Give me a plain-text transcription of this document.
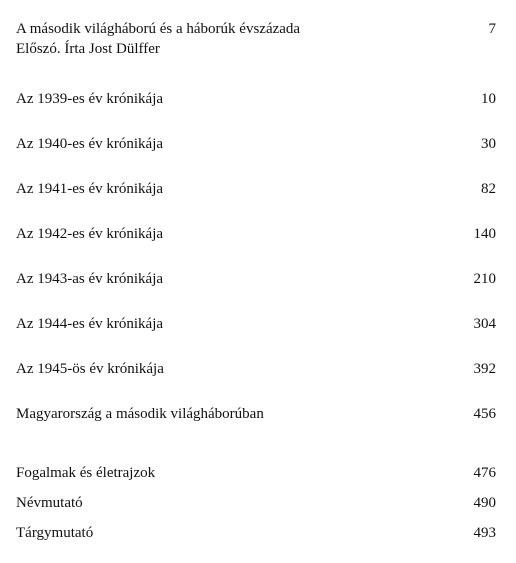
A második világháború és a háborúk évszázada	7
Előszó. Írta Jost Dülffer
Az 1939-es év krónikája	10
Az 1940-es év krónikája	30
Az 1941-es év krónikája	82
Az 1942-es év krónikája	140
Az 1943-as év krónikája	210
Az 1944-es év krónikája	304
Az 1945-ös év krónikája	392
Magyarország a második világháborúban	456
Fogalmak és életrajzok	476
Névmutató	490
Tárgymutató	493
